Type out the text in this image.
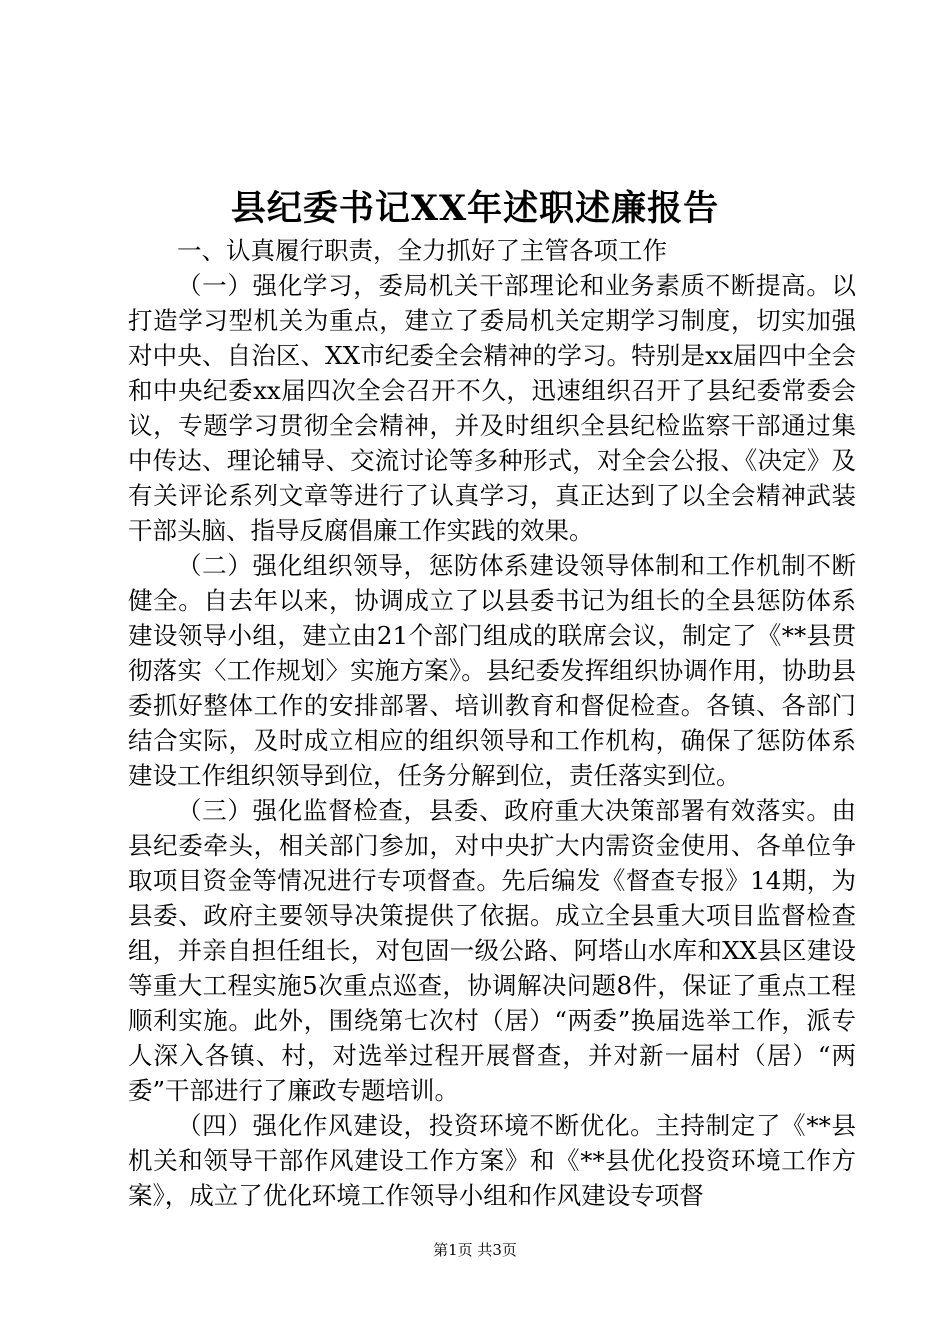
县纪委书记XX年述职述廉报告

一、认真履行职责，全力抓好了主管各项工作

（一）强化学习，委局机关干部理论和业务素质不断提高。以打造学习型机关为重点，建立了委局机关定期学习制度，切实加强对中央、自治区、XX市纪委全会精神的学习。特别是xx届四中全会和中央纪委xx届四次全会召开不久，迅速组织召开了县纪委常委会议，专题学习贯彻全会精神，并及时组织全县纪检监察干部通过集中传达、理论辅导、交流讨论等多种形式，对全会公报、《决定》及有关评论系列文章等进行了认真学习，真正达到了以全会精神武装干部头脑、指导反腐倡廉工作实践的效果。

（二）强化组织领导，惩防体系建设领导体制和工作机制不断健全。自去年以来，协调成立了以县委书记为组长的全县惩防体系建设领导小组，建立由21个部门组成的联席会议，制定了《**县贯彻落实〈工作规划〉实施方案》。县纪委发挥组织协调作用，协助县委抓好整体工作的安排部署、培训教育和督促检查。各镇、各部门结合实际，及时成立相应的组织领导和工作机构，确保了惩防体系建设工作组织领导到位，任务分解到位，责任落实到位。

（三）强化监督检查，县委、政府重大决策部署有效落实。由县纪委牵头，相关部门参加，对中央扩大内需资金使用、各单位争取项目资金等情况进行专项督查。先后编发《督查专报》14期，为县委、政府主要领导决策提供了依据。成立全县重大项目监督检查组，并亲自担任组长，对包固一级公路、阿塔山水库和XX县区建设等重大工程实施5次重点巡查，协调解决问题8件，保证了重点工程顺利实施。此外，围绕第七次村（居）“两委”换届选举工作，派专人深入各镇、村，对选举过程开展督查，并对新一届村（居）“两委”干部进行了廉政专题培训。

（四）强化作风建设，投资环境不断优化。主持制定了《**县机关和领导干部作风建设工作方案》和《**县优化投资环境工作方案》，成立了优化环境工作领导小组和作风建设专项督

第1页 共3页
